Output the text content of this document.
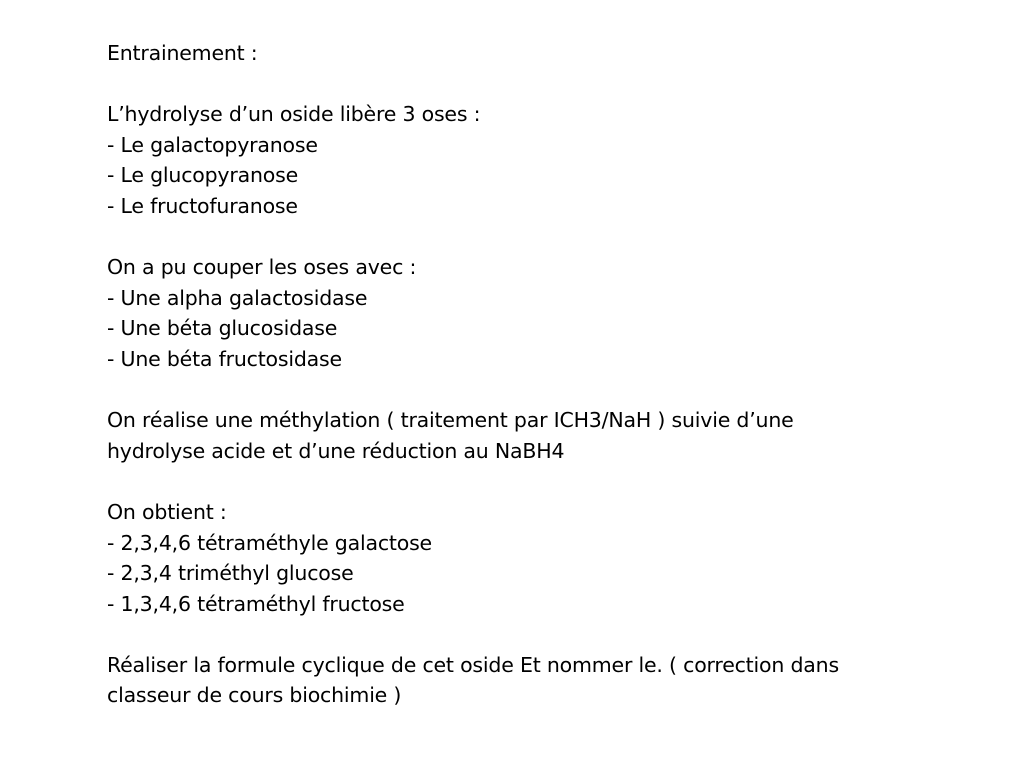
Entrainement :
L’hydrolyse d’un oside libère 3 oses :
- Le galactopyranose
- Le glucopyranose
- Le fructofuranose
On a pu couper les oses avec :
- Une alpha galactosidase
- Une béta glucosidase
- Une béta fructosidase
On réalise une méthylation ( traitement par ICH3/NaH ) suivie d’une
hydrolyse acide et d’une réduction au NaBH4
On obtient :
- 2,3,4,6 tétraméthyle galactose
- 2,3,4 triméthyl glucose
- 1,3,4,6 tétraméthyl fructose
Réaliser la formule cyclique de cet oside Et nommer le. ( correction dans
classeur de cours biochimie )
